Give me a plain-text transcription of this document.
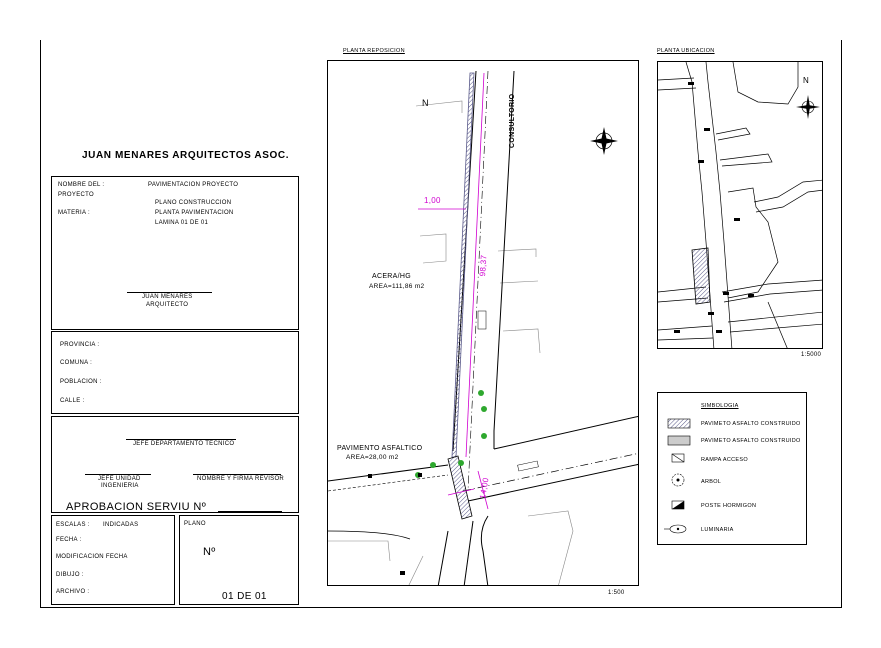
JUAN MENARES ARQUITECTOS ASOC.
NOMBRE DEL :
PROYECTO
MATERIA :
PAVIMENTACION PROYECTO
PLANO CONSTRUCCION
PLANTA PAVIMENTACION
LAMINA 01 DE 01
JUAN MENARES
ARQUITECTO
PROVINCIA :
COMUNA :
POBLACION :
CALLE :
JEFE DEPARTAMENTO TECNICO
JEFE UNIDAD
INGENIERIA
NOMBRE Y FIRMA REVISOR
APROBACION SERVIU Nº
ESCALAS : INDICADAS
FECHA :
MODIFICACION FECHA
DIBUJO :
ARCHIVO :
PLANO
Nº
01 DE 01
PLANTA REPOSICION
N	CONSULTORIO
1,00
98,37
ACERA/HG
AREA=111,86 m2
PAVIMENTO ASFALTICO
AREA=28,00 m2
14,00
1:500
PLANTA UBICACION
N
1:5000
SIMBOLOGIA
PAVIMETO ASFALTO CONSTRUIDO
PAVIMETO ASFALTO CONSTRUIDO
RAMPA ACCESO
ARBOL
POSTE HORMIGON
LUMINARIA
